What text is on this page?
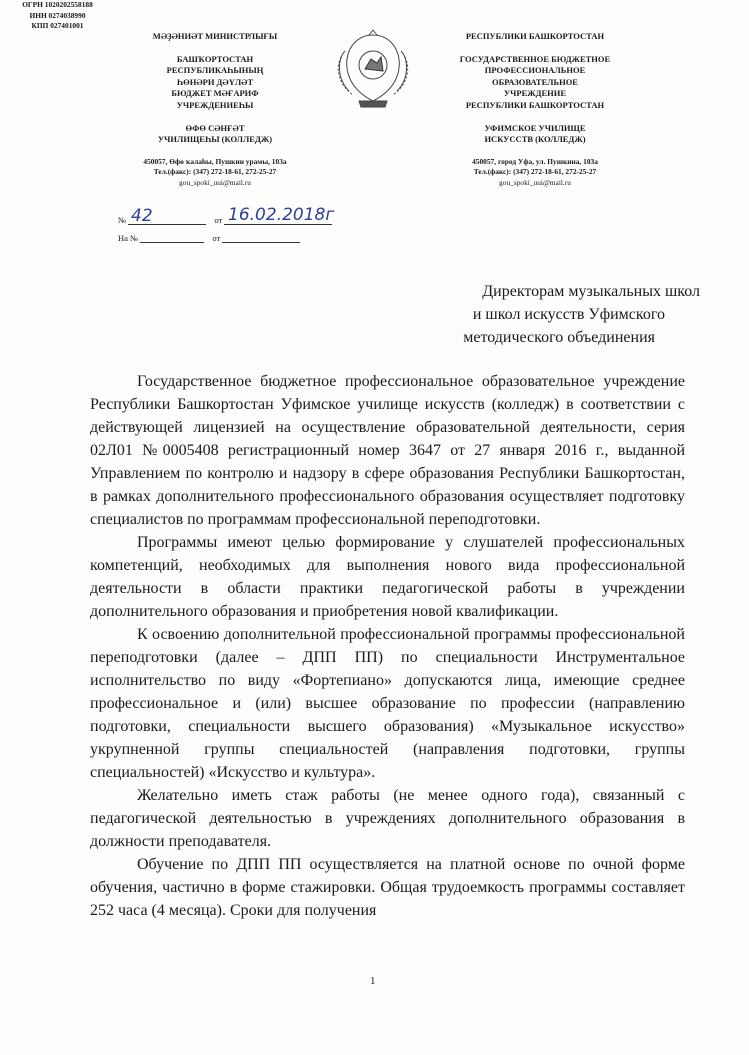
МӘҘӘНИӘТ МИНИСТРЛЫҒЫ
БАШҠОРТОСТАН
РЕСПУБЛИКАҺЫНЫҢ
ҺӨНӘРИ ДӘҮЛӘТ
БЮДЖЕТ МӘҒАРИФ
УЧРЕЖДЕНИЕҺЫ
ӨФӨ СӘНҒӘТ
УЧИЛИЩЕҺЫ (КОЛЛЕДЖ)
450057, Өфө ҡалаһы, Пушкин урамы, 103а
Тел.(факс): (347) 272-18-61, 272-25-27
gou_spoki_uui@mail.ru
РЕСПУБЛИКИ БАШКОРТОСТАН
ГОСУДАРСТВЕННОЕ БЮДЖЕТНОЕ
ПРОФЕССИОНАЛЬНОЕ
ОБРАЗОВАТЕЛЬНОЕ
УЧРЕЖДЕНИЕ
РЕСПУБЛИКИ БАШКОРТОСТАН
УФИМСКОЕ УЧИЛИЩЕ
ИСКУССТВ (КОЛЛЕДЖ)
450057, город Уфа, ул. Пушкина, 103а
Тел.(факс): (347) 272-18-61, 272-25-27
gou_spoki_uui@mail.ru
ОГРН 1020202558188
ИНН 0274038990
КПП 027401001
№	от
42	16.02.2018г
На №	от
Директорам музыкальных школ
и школ искусств Уфимского
методического объединения

Государственное бюджетное профессиональное образовательное учреждение Республики Башкортостан Уфимское училище искусств (колледж) в соответствии с действующей лицензией на осуществление образовательной деятельности, серия 02Л01 №0005408 регистрационный номер 3647 от 27 января 2016 г., выданной Управлением по контролю и надзору в сфере образования Республики Башкортостан, в рамках дополнительного профессионального образования осуществляет подготовку специалистов по программам профессиональной переподготовки.

Программы имеют целью формирование у слушателей профессиональных компетенций, необходимых для выполнения нового вида профессиональной деятельности в области практики педагогической работы в учреждении дополнительного образования и приобретения новой квалификации.

К освоению дополнительной профессиональной программы профессиональной переподготовки (далее – ДПП ПП) по специальности Инструментальное исполнительство по виду «Фортепиано» допускаются лица, имеющие среднее профессиональное и (или) высшее образование по профессии (направлению подготовки, специальности высшего образования) «Музыкальное искусство» укрупненной группы специальностей (направления подготовки, группы специальностей) «Искусство и культура».

Желательно иметь стаж работы (не менее одного года), связанный с педагогической деятельностью в учреждениях дополнительного образования в должности преподавателя.

Обучение по ДПП ПП осуществляется на платной основе по очной форме обучения, частично в форме стажировки. Общая трудоемкость программы составляет 252 часа (4 месяца). Сроки для получения

1
